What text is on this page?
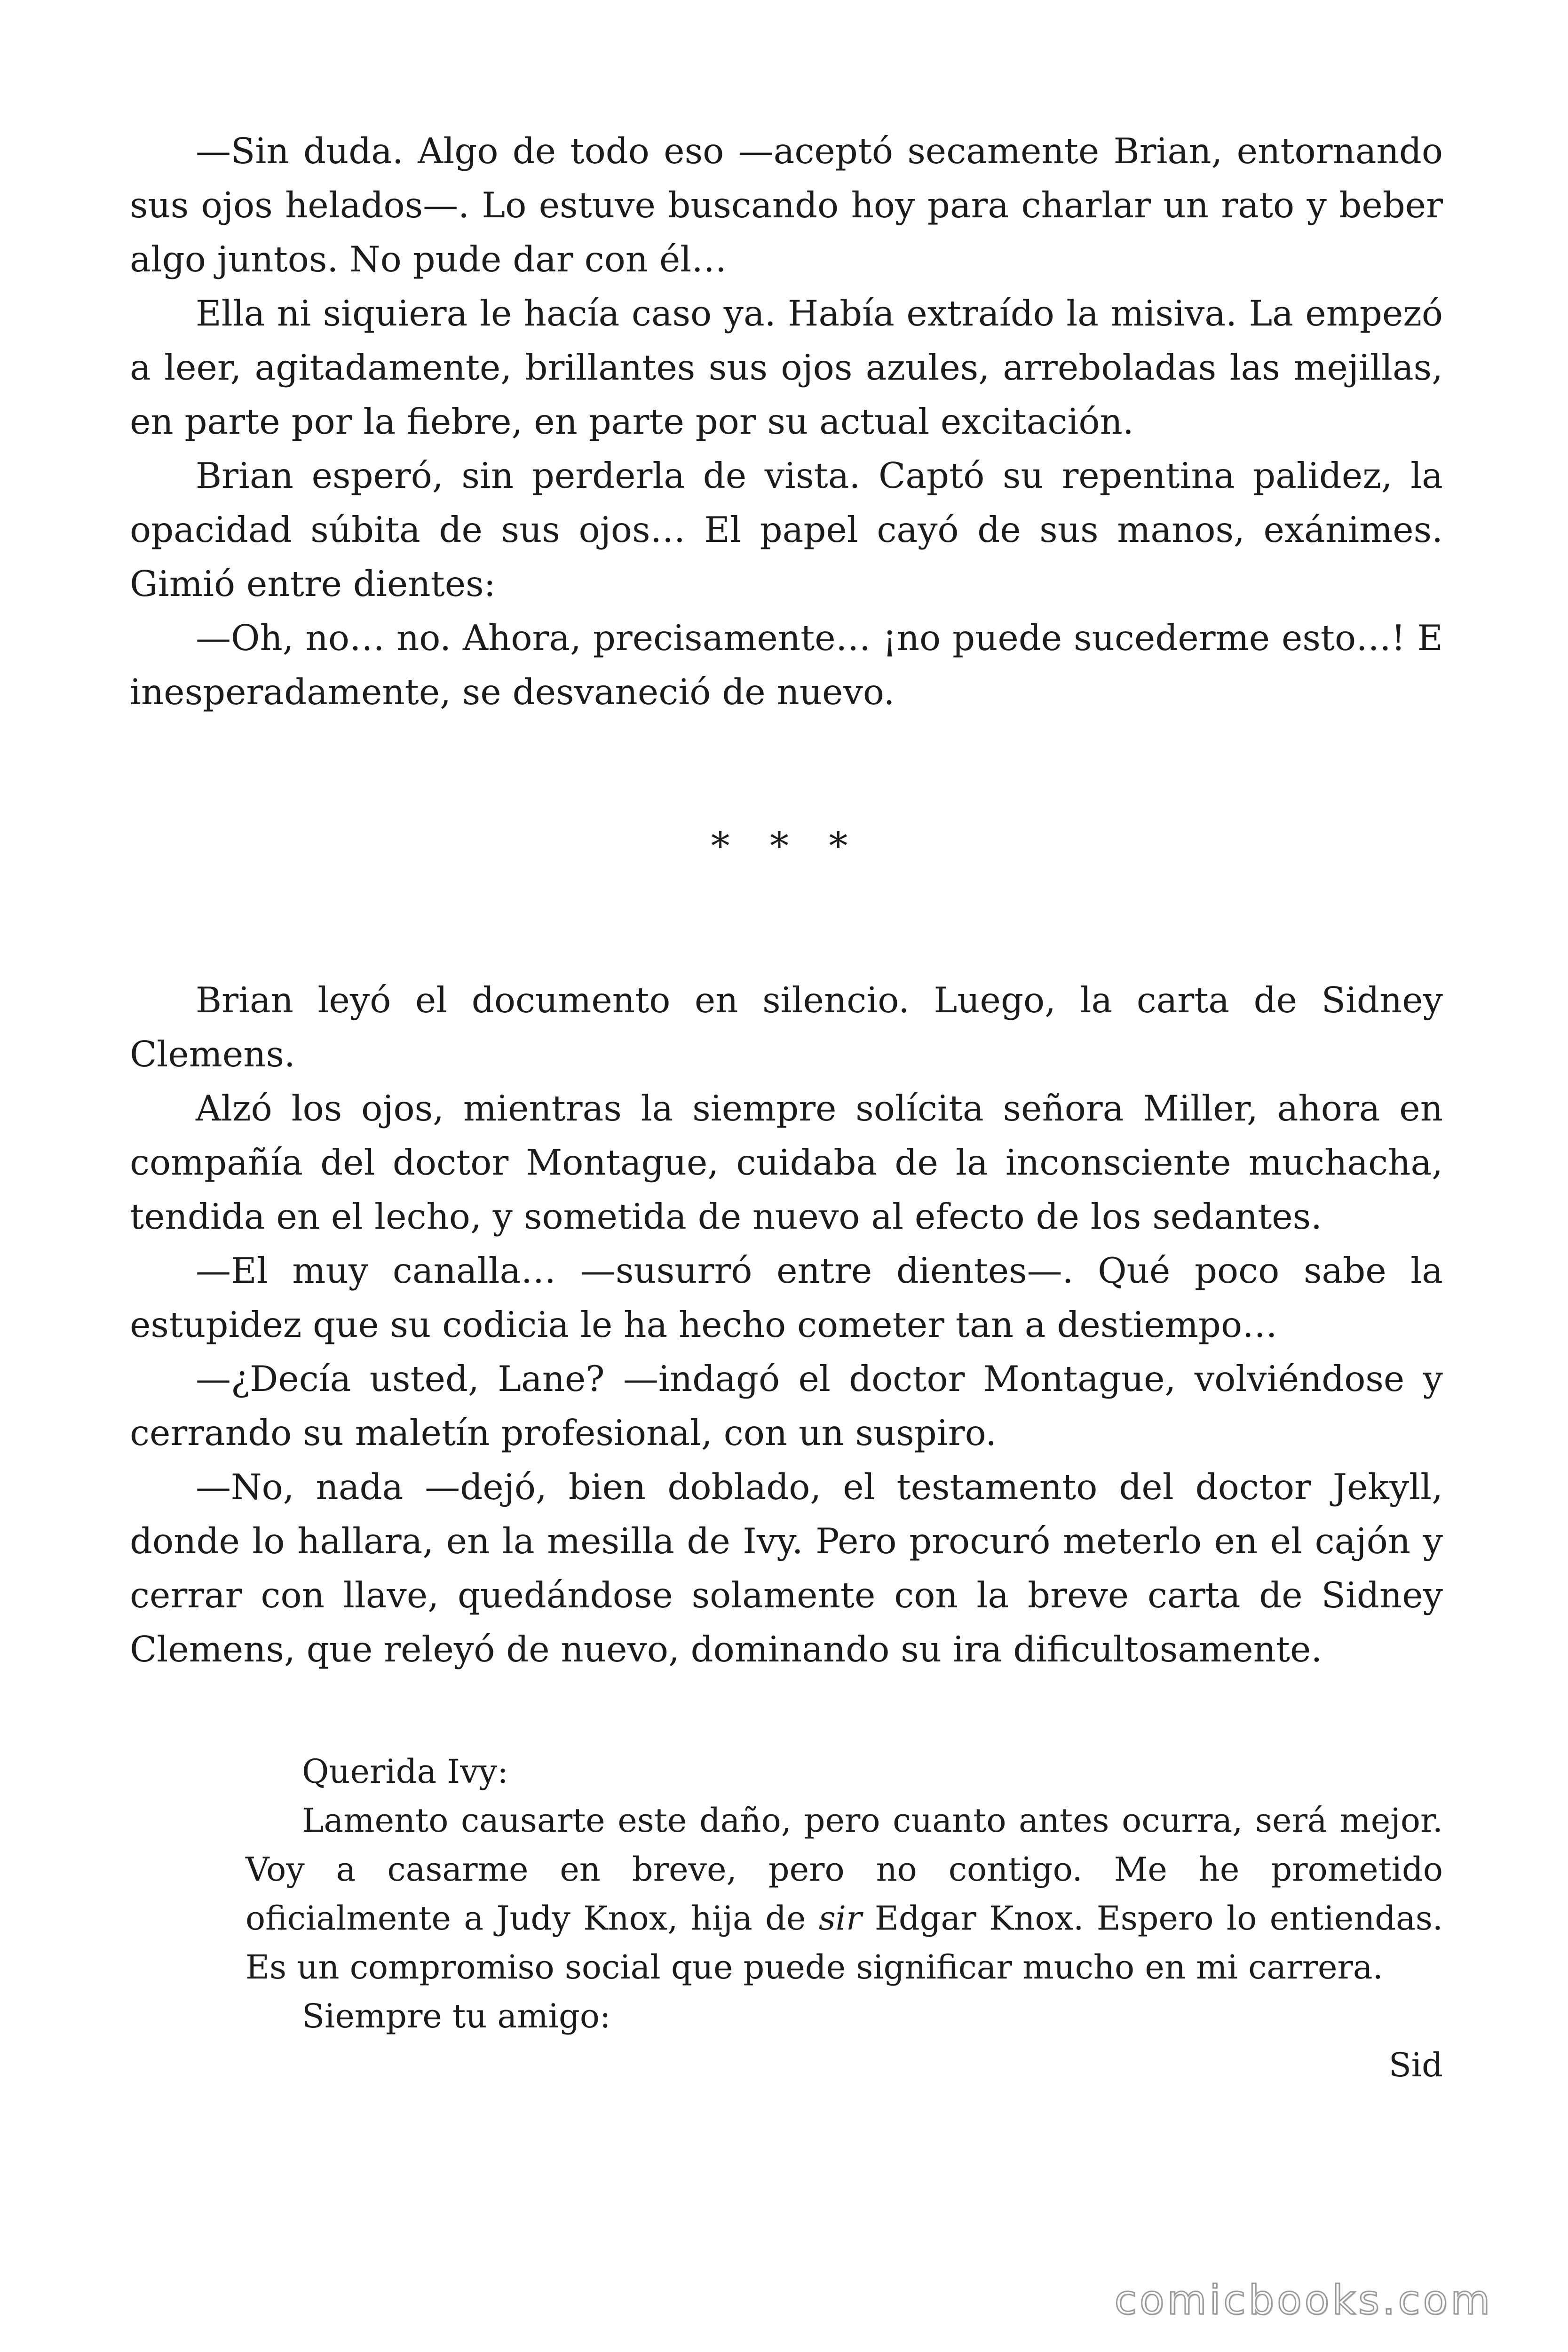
—Sin duda. Algo de todo eso —aceptó secamente Brian, entornando sus ojos helados—. Lo estuve buscando hoy para charlar un rato y beber algo juntos. No pude dar con él…

Ella ni siquiera le hacía caso ya. Había extraído la misiva. La empezó a leer, agitadamente, brillantes sus ojos azules, arreboladas las mejillas, en parte por la fiebre, en parte por su actual excitación.

Brian esperó, sin perderla de vista. Captó su repentina palidez, la opacidad súbita de sus ojos… El papel cayó de sus manos, exánimes. Gimió entre dientes:

—Oh, no… no. Ahora, precisamente… ¡no puede sucederme esto…! E inesperadamente, se desvaneció de nuevo.

* * *

Brian leyó el documento en silencio. Luego, la carta de Sidney Clemens.

Alzó los ojos, mientras la siempre solícita señora Miller, ahora en compañía del doctor Montague, cuidaba de la inconsciente muchacha, tendida en el lecho, y sometida de nuevo al efecto de los sedantes.

—El muy canalla… —susurró entre dientes—. Qué poco sabe la estupidez que su codicia le ha hecho cometer tan a destiempo…

—¿Decía usted, Lane? —indagó el doctor Montague, volviéndose y cerrando su maletín profesional, con un suspiro.

—No, nada —dejó, bien doblado, el testamento del doctor Jekyll, donde lo hallara, en la mesilla de Ivy. Pero procuró meterlo en el cajón y cerrar con llave, quedándose solamente con la breve carta de Sidney Clemens, que releyó de nuevo, dominando su ira dificultosamente.

Querida Ivy:

Lamento causarte este daño, pero cuanto antes ocurra, será mejor. Voy a casarme en breve, pero no contigo. Me he prometido oficialmente a Judy Knox, hija de sir Edgar Knox. Espero lo entiendas. Es un compromiso social que puede significar mucho en mi carrera.

Siempre tu amigo:

Sid

comicbooks.com
